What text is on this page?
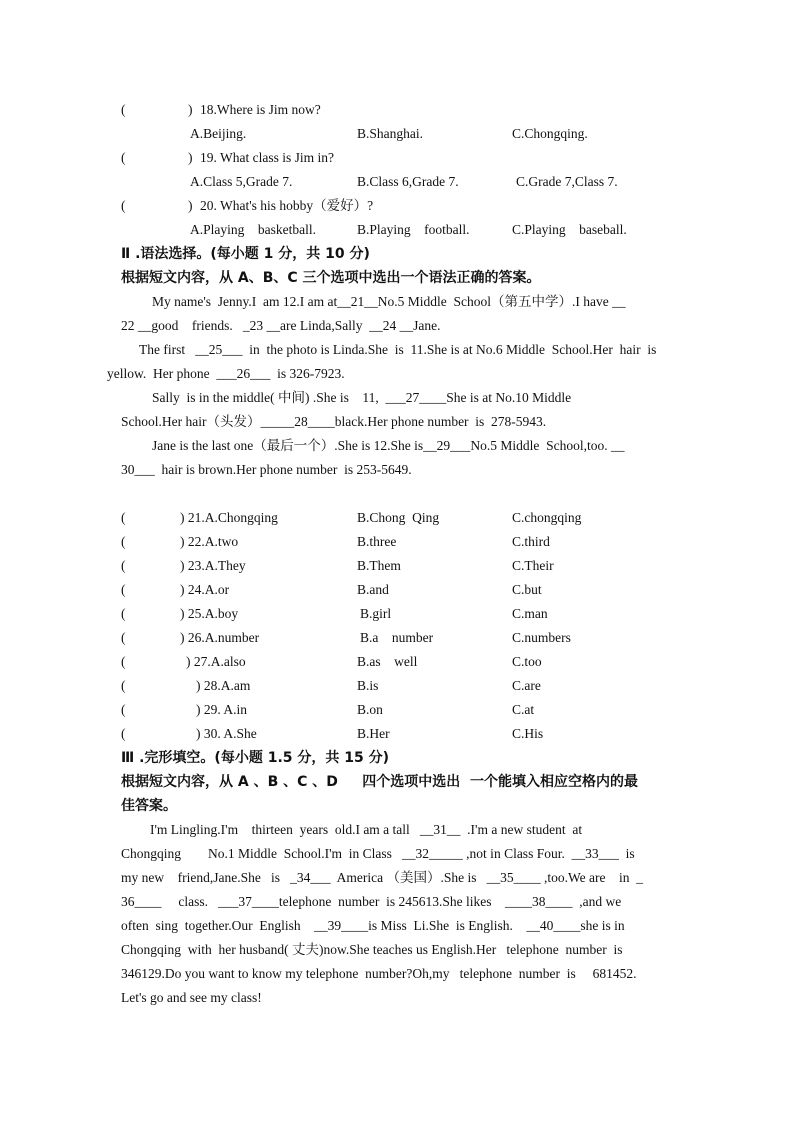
(	) 18.Where is Jim now?
A.Beijing.	B.Shanghai.	C.Chongqing.
(	) 19. What class is Jim in?
A.Class 5,Grade 7.	B.Class 6,Grade 7.	C.Grade 7,Class 7.
(	) 20. What's his hobby（爱好）?
A.Playing    basketball.	B.Playing    football.	C.Playing    baseball.
Ⅱ .语法选择。(每小题 1 分，共 10 分)
根据短文内容，从 A、B、C 三个选项中选出一个语法正确的答案。
My name's  Jenny.I  am 12.I am at__21__No.5 Middle  School（第五中学）.I have __
22 __good    friends.   _23 __are Linda,Sally  __24 __Jane.
The first   __25___  in  the photo is Linda.She  is  11.She is at No.6 Middle  School.Her  hair  is
yellow.  Her phone  ___26___  is 326-7923.
Sally  is in the middle( 中间) .She is    11,  ___27____She is at No.10 Middle
School.Her hair（头发）_____28____black.Her phone number  is  278-5943.
Jane is the last one（最后一个）.She is 12.She is__29___No.5 Middle  School,too. __
30___  hair is brown.Her phone number  is 253-5649.
(	) 21.A.Chongqing	B.Chong  Qing	C.chongqing
(	) 22.A.two	B.three	C.third
(	) 23.A.They	B.Them	C.Their
(	) 24.A.or	B.and	C.but
(	) 25.A.boy	B.girl	C.man
(	) 26.A.number	B.a    number	C.numbers
(	) 27.A.also	B.as    well	C.too
(	) 28.A.am	B.is	C.are
(	) 29. A.in	B.on	C.at
(	) 30. A.She	B.Her	C.His
Ⅲ .完形填空。(每小题 1.5 分，共 15 分)
根据短文内容，从 A 、B 、C 、D     四个选项中选出  一个能填入相应空格内的最
佳答案。
I'm Lingling.I'm    thirteen  years  old.I am a tall   __31__  .I'm a new student  at
Chongqing        No.1 Middle  School.I'm  in Class   __32_____ ,not in Class Four.  __33___  is
my new    friend,Jane.She   is   _34___  America （美国）.She is   __35____ ,too.We are    in  _
36____     class.   ___37____telephone  number  is 245613.She likes    ____38____  ,and we
often  sing  together.Our  English    __39____is Miss  Li.She  is English.    __40____she is in
Chongqing  with  her husband( 丈夫)now.She teaches us English.Her   telephone  number  is
346129.Do you want to know my telephone  number?Oh,my   telephone  number  is     681452.
Let's go and see my class!
